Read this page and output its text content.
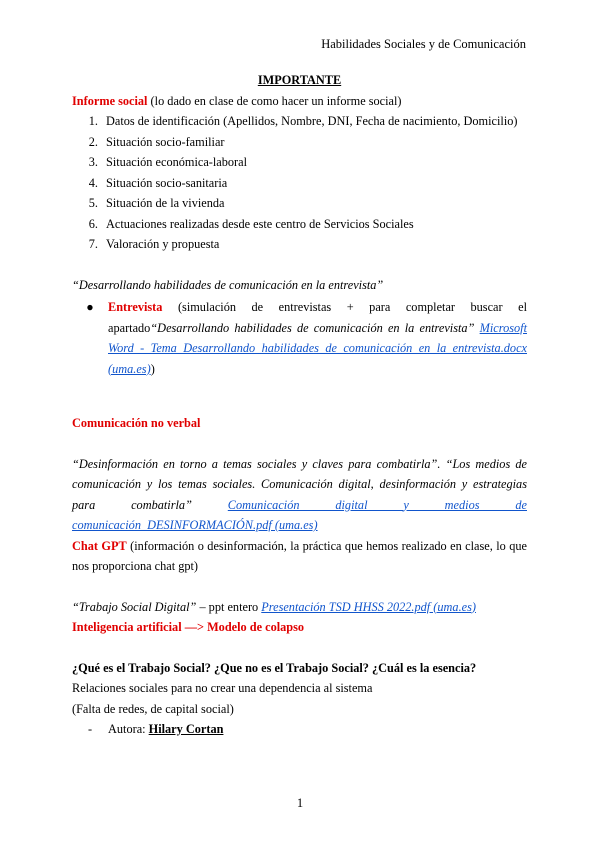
Habilidades Sociales y de Comunicación

IMPORTANTE

Informe social (lo dado en clase de como hacer un informe social)
1. Datos de identificación (Apellidos, Nombre, DNI, Fecha de nacimiento, Domicilio)
2. Situación socio-familiar
3. Situación económica-laboral
4. Situación socio-sanitaria
5. Situación de la vivienda
6. Actuaciones realizadas desde este centro de Servicios Sociales
7. Valoración y propuesta
“Desarrollando habilidades de comunicación en la entrevista”
●	Entrevista (simulación de entrevistas + para completar buscar el apartado“Desarrollando habilidades de comunicación en la entrevista” Microsoft Word - Tema Desarrollando habilidades de comunicación en la entrevista.docx (uma.es))
Comunicación no verbal
“Desinformación en torno a temas sociales y claves para combatirla”. “Los medios de comunicación y los temas sociales. Comunicación digital, desinformación y estrategias para combatirla” Comunicación digital y medios de comunicación_DESINFORMACIÓN.pdf (uma.es)
Chat GPT (información o desinformación, la práctica que hemos realizado en clase, lo que nos proporciona chat gpt)
“Trabajo Social Digital” – ppt entero Presentación TSD HHSS 2022.pdf (uma.es)
Inteligencia artificial —> Modelo de colapso
¿Qué es el Trabajo Social? ¿Que no es el Trabajo Social? ¿Cuál es la esencia?
Relaciones sociales para no crear una dependencia al sistema
(Falta de redes, de capital social)
-	Autora: Hilary Cortan
1
